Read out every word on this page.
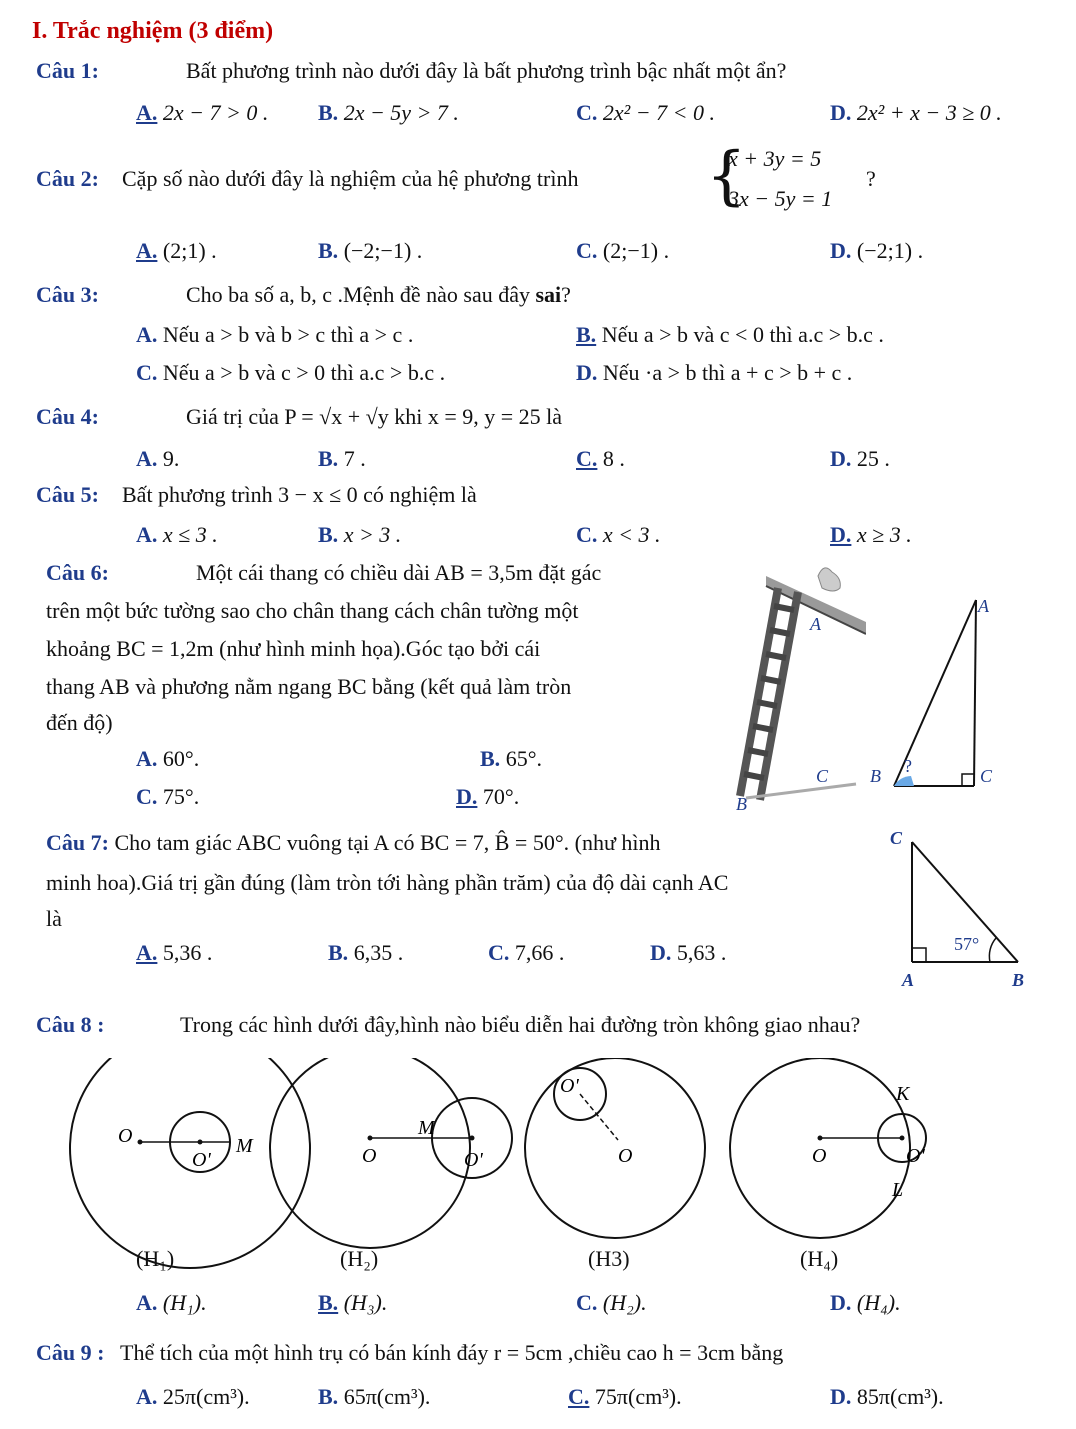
I. Trắc nghiệm (3 điểm)
Câu 1:	Bất phương trình nào dưới đây là bất phương trình bậc nhất một ẩn?
A. 2x − 7 > 0 . B. 2x − 5y > 7 .	C. 2x² − 7 < 0 .	D. 2x² + x − 3 ≥ 0 .
Câu 2: Cặp số nào dưới đây là nghiệm của hệ phương trình {
x + 3y = 5
3x − 5y = 1
?
A. (2;1) .	B. (−2;−1) .	C. (2;−1) .	D. (−2;1) .
Câu 3:	Cho ba số a, b, c .Mệnh đề nào sau đây sai?
A. Nếu a > b và b > c thì a > c .	B. Nếu a > b và c < 0 thì a.c > b.c .
C. Nếu a > b và c > 0 thì a.c > b.c .	D. Nếu ·a > b thì a + c > b + c .
Câu 4:	Giá trị của P = √x + √y khi x = 9, y = 25 là
A. 9.	B. 7 .	C. 8 .	D. 25 .
Câu 5: Bất phương trình 3 − x ≤ 0 có nghiệm là
A. x ≤ 3 .	B. x > 3 .	C. x < 3 .	D. x ≥ 3 .
Câu 6:	Một cái thang có chiều dài AB = 3,5m đặt gác
trên một bức tường sao cho chân thang cách chân tường một
khoảng BC = 1,2m (như hình minh họa).Góc tạo bởi cái
thang AB và phương nằm ngang BC bằng (kết quả làm tròn
đến độ)
A. 60°.	B. 65°.
C. 75°.	D. 70°.
A
C
B
A
B	C
?
Câu 7: Cho tam giác ABC vuông tại A có BC = 7, B̂ = 50°. (như hình
minh hoa).Giá trị gần đúng (làm tròn tới hàng phần trăm) của độ dài cạnh AC
là
A. 5,36 .	B. 6,35 .	C. 7,66 .	D. 5,63 .
C
A	B
57°
Câu 8 :	Trong các hình dưới đây,hình nào biểu diễn hai đường tròn không giao nhau?
O
O'
M	O	O'
M
O'
O	O	O'
K
L
(H₁)	(H₂)	(H3)	(H₄)
A. (H₁).	B. (H₃).	C. (H₂).	D. (H₄).
Câu 9 : Thể tích của một hình trụ có bán kính đáy r = 5cm ,chiều cao h = 3cm bằng
A. 25π(cm³).	B. 65π(cm³).	C. 75π(cm³).	D. 85π(cm³).
